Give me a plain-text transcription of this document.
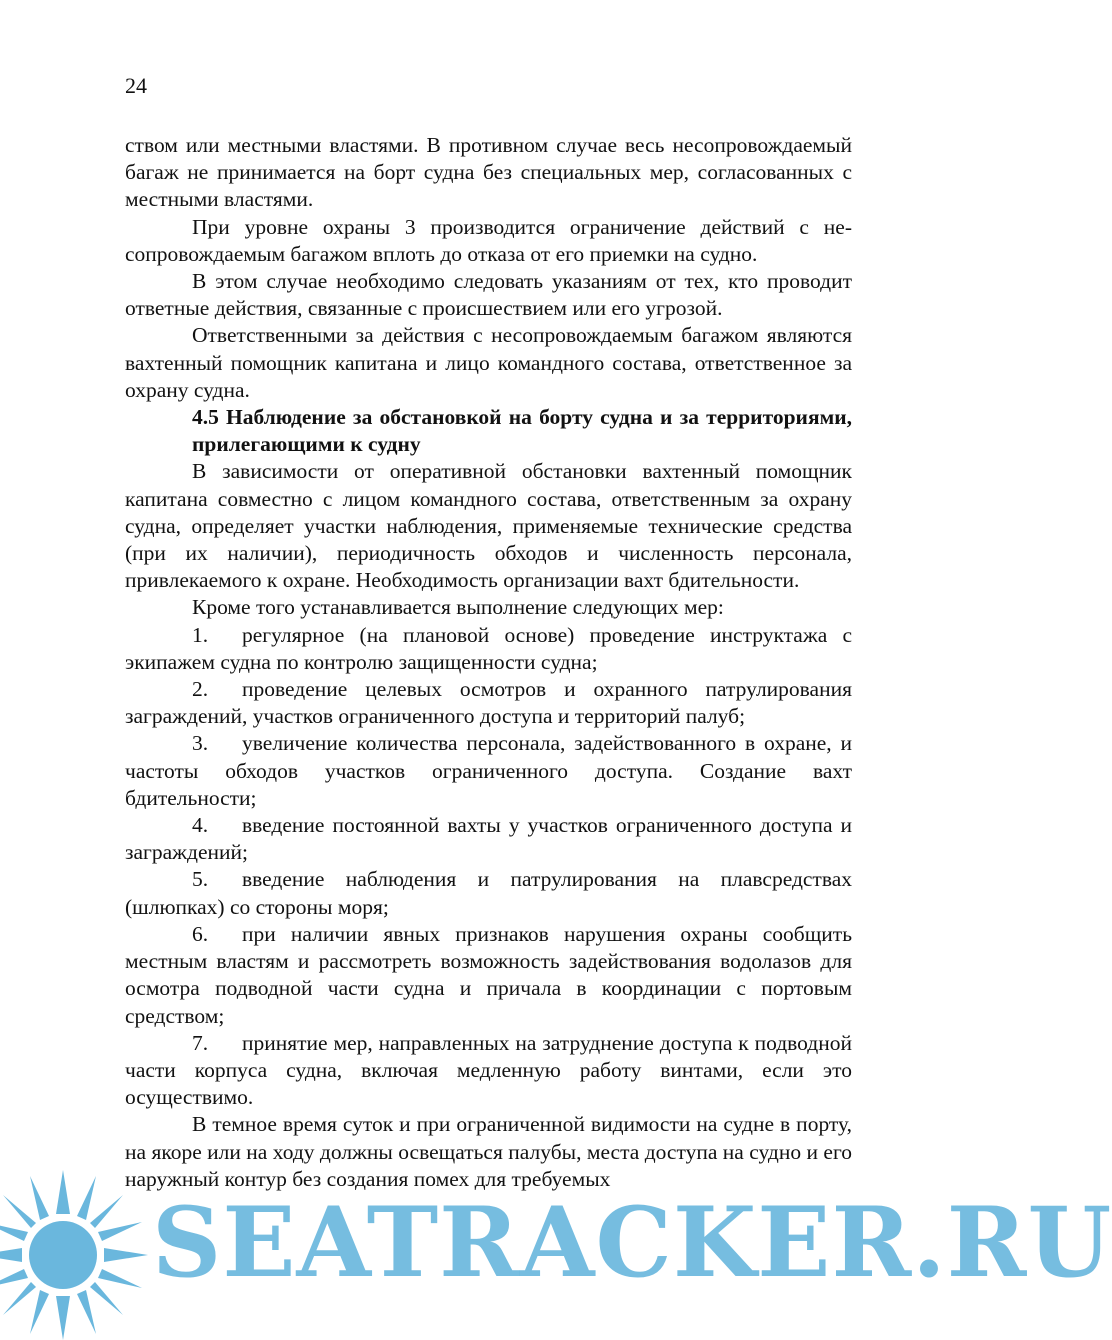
24

ством или местными властями. В противном случае весь несопровождаемый багаж не принимается на борт судна без специальных мер, согласованных с местными властями.

При уровне охраны 3 производится ограничение действий с несопровождаемым багажом вплоть до отказа от его приемки на судно.

В этом случае необходимо следовать указаниям от тех, кто проводит ответные действия, связанные с происшествием или его угрозой.

Ответственными за действия с несопровождаемым багажом являются вахтенный помощник капитана и лицо командного состава, ответственное за охрану судна.

4.5 Наблюдение за обстановкой на борту судна и за территориями, прилегающими к судну

В зависимости от оперативной обстановки вахтенный помощник капитана совместно с лицом командного состава, ответственным за охрану судна, определяет участки наблюдения, применяемые технические средства (при их наличии), периодичность обходов и численность персонала, привлекаемого к охране. Необходимость организации вахт бдительности.

Кроме того устанавливается выполнение следующих мер:

1. регулярное (на плановой основе) проведение инструктажа с экипажем судна по контролю защищенности судна;

2. проведение целевых осмотров и охранного патрулирования заграждений, участков ограниченного доступа и территорий палуб;

3. увеличение количества персонала, задействованного в охране, и частоты обходов участков ограниченного доступа. Создание вахт бдительности;

4. введение постоянной вахты у участков ограниченного доступа и заграждений;

5. введение наблюдения и патрулирования на плавсредствах (шлюпках) со стороны моря;

6. при наличии явных признаков нарушения охраны сообщить местным властям и рассмотреть возможность задействования водолазов для осмотра подводной части судна и причала в координации с портовым средством;

7. принятие мер, направленных на затруднение доступа к подводной части корпуса судна, включая медленную работу винтами, если это осуществимо.

В темное время суток и при ограниченной видимости на судне в порту, на якоре или на ходу должны освещаться палубы, места доступа на судно и его наружный контур без создания помех для требуемых

SEATRACKER.RU
